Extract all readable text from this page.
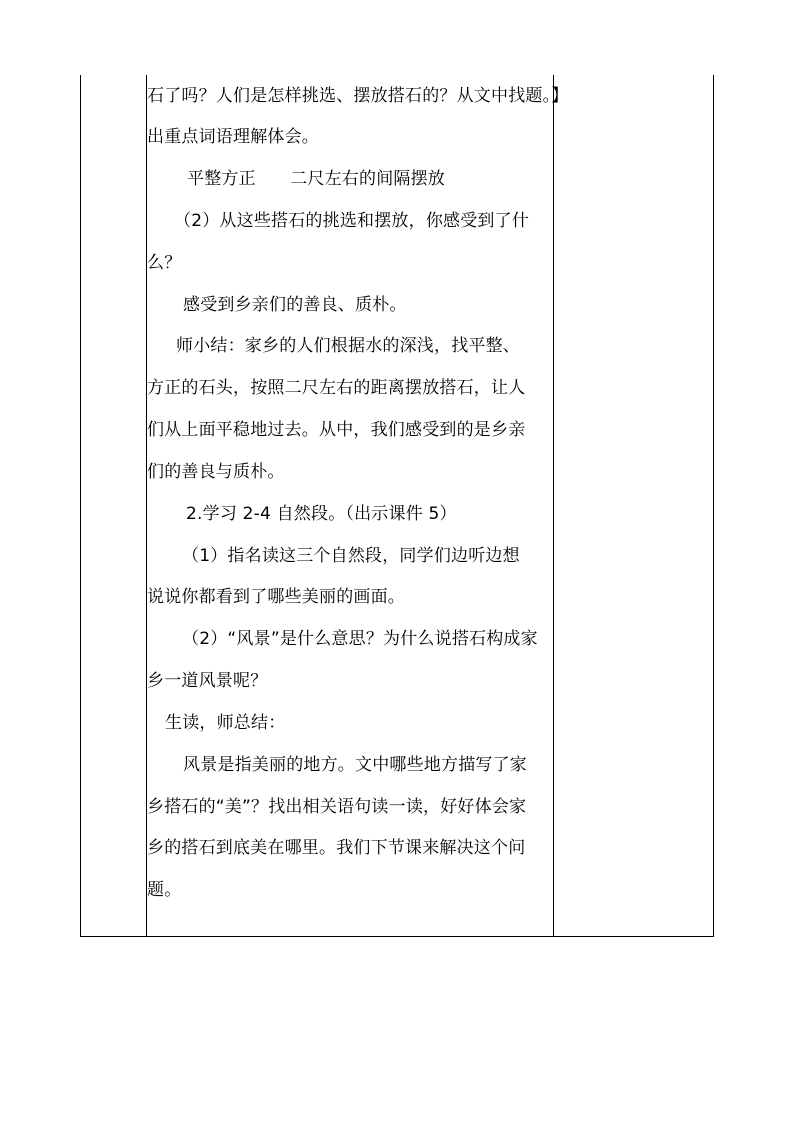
石了吗？人们是怎样挑选、摆放搭石的？从文中找题。】
出重点词语理解体会。
平整方正　　二尺左右的间隔摆放
（2）从这些搭石的挑选和摆放，你感受到了什
么？
感受到乡亲们的善良、质朴。
师小结：家乡的人们根据水的深浅，找平整、
方正的石头，按照二尺左右的距离摆放搭石，让人
们从上面平稳地过去。从中，我们感受到的是乡亲
们的善良与质朴。
2.学习 2-4 自然段。（出示课件 5）
（1）指名读这三个自然段，同学们边听边想
说说你都看到了哪些美丽的画面。
（2）“风景”是什么意思？为什么说搭石构成家
乡一道风景呢？
生读，师总结：
风景是指美丽的地方。文中哪些地方描写了家
乡搭石的“美”？找出相关语句读一读，好好体会家
乡的搭石到底美在哪里。我们下节课来解决这个问
题。
